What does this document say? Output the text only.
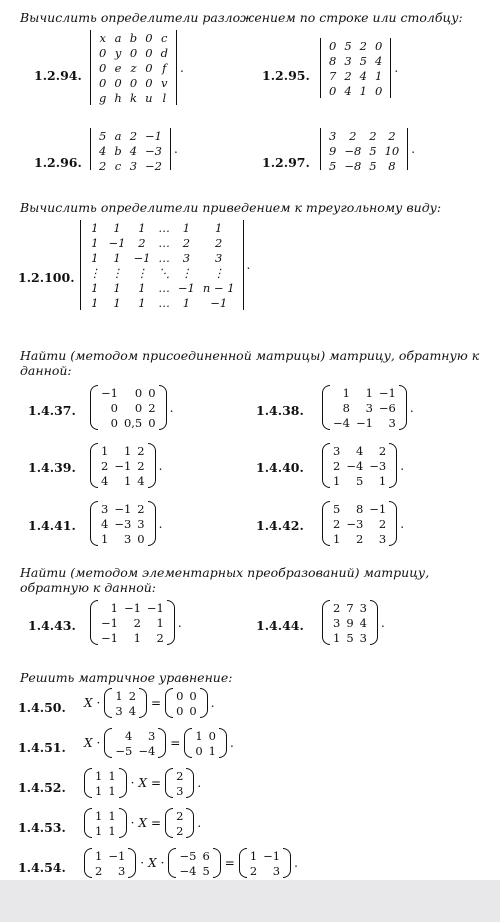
Вычислить определители разложением по строке или столбцу:
1.2.94.
x	a	b	0	c
0	y	0	0	d
0	e	z	0	f
0	0	0	0	v
g	h	k	u	l
.
1.2.95.
0	5	2	0
8	3	5	4
7	2	4	1
0	4	1	0
.
1.2.96.
5	a	2	−1
4	b	4	−3
2	c	3	−2
.
1.2.97.
3	2	2	2
9	−8	5	10
5	−8	5	8
.
Вычислить определители приведением к треугольному виду:
1.2.100.
1	1	1	…	1	1
1	−1	2	…	2	2
1	1	−1	…	3	3
⋮	⋮	⋮	⋱	⋮	⋮
1	1	1	…	−1	n − 1
1	1	1	…	1	−1
.
Найти (методом присоединенной матрицы) матрицу, обратную к данной:
1.4.37.
−1	0	0
0	0	2
0	0,5	0
.	1.4.38.
1	1	−1
8	3	−6
−4	−1	3
.
1.4.39.
1	1	2
2	−1	2
4	1	4
.	1.4.40.
3	4	2
2	−4	−3
1	5	1
.
1.4.41.
3	−1	2
4	−3	3
1	3	0
.	1.4.42.
5	8	−1
2	−3	2
1	2	3
.
Найти (методом элементарных преобразований) матрицу, обратную к данной:
1.4.43.
1	−1	−1
−1	2	1
−1	1	2
.	1.4.44.
2	7	3
3	9	4
1	5	3
.
Решить матричное уравнение:
1.4.50. X ·
1	2
3	4
=
0	0
0	0
.
1.4.51. X ·
4	3
−5	−4
=
1	0
0	1
.
1.4.52.
1	1
1	1
· X =
2
3
.
1.4.53.
1	1
1	1
· X =
2
2
.
1.4.54.
1	−1
2	3
· X ·
−5	6
−4	5
=
1	−1
2	3
.
